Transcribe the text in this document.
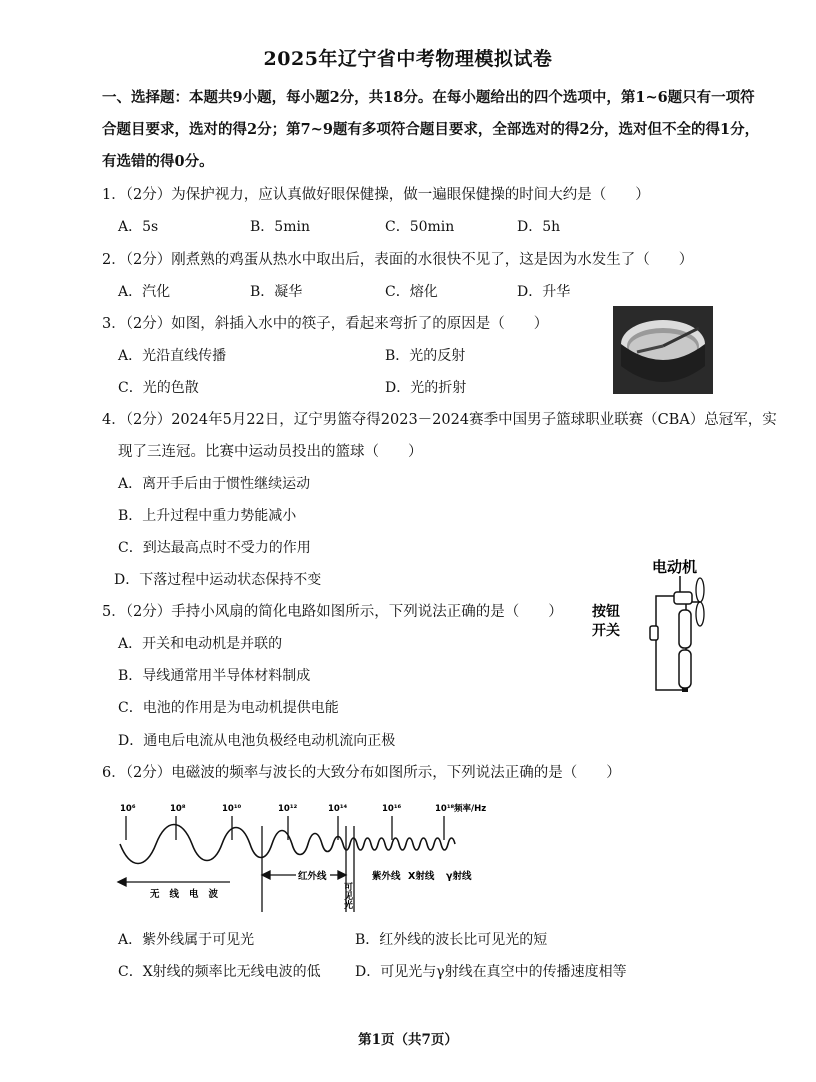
2025年辽宁省中考物理模拟试卷
一、选择题：本题共9小题，每小题2分，共18分。在每小题给出的四个选项中，第1~6题只有一项符
合题目要求，选对的得2分；第7~9题有多项符合题目要求，全部选对的得2分，选对但不全的得1分，
有选错的得0分。
1．（2分）为保护视力，应认真做好眼保健操，做一遍眼保健操的时间大约是（　　）
A．5s	B．5min	C．50min	D．5h
2．（2分）刚煮熟的鸡蛋从热水中取出后，表面的水很快不见了，这是因为水发生了（　　）
A．汽化	B．凝华	C．熔化	D．升华
3．（2分）如图，斜插入水中的筷子，看起来弯折了的原因是（　　）
A．光沿直线传播	B．光的反射
C．光的色散	D．光的折射
4．（2分）2024年5月22日，辽宁男篮夺得2023－2024赛季中国男子篮球职业联赛（CBA）总冠军，实
现了三连冠。比赛中运动员投出的篮球（　　）
A．离开手后由于惯性继续运动
B．上升过程中重力势能减小
C．到达最高点时不受力的作用
D．下落过程中运动状态保持不变
5．（2分）手持小风扇的简化电路如图所示，下列说法正确的是（　　）
A．开关和电动机是并联的
B．导线通常用半导体材料制成
C．电池的作用是为电动机提供电能
D．通电后电流从电池负极经电动机流向正极
电动机
按钮
开关
6．（2分）电磁波的频率与波长的大致分布如图所示，下列说法正确的是（　　）
10⁶	10⁸	10¹⁰	10¹²	10¹⁴	10¹⁶	10¹⁸ 频率/Hz
无线电波
红外线
可见光
紫外线 X射线 γ射线
A．紫外线属于可见光	B．红外线的波长比可见光的短
C．X射线的频率比无线电波的低 D．可见光与γ射线在真空中的传播速度相等
第1页（共7页）
